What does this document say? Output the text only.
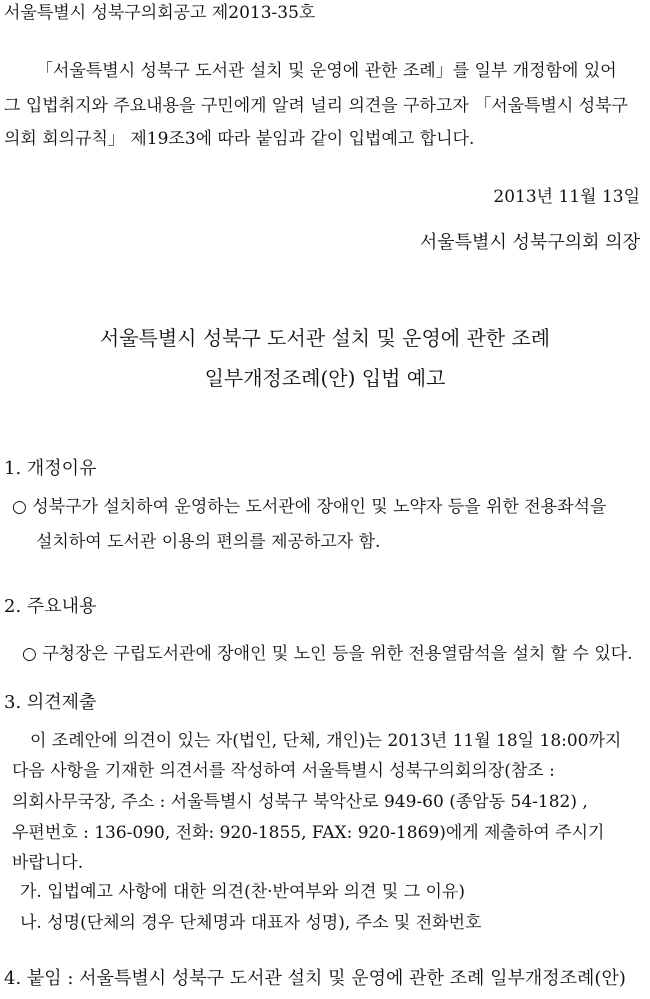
서울특별시 성북구의회공고 제2013-35호
「서울특별시 성북구 도서관 설치 및 운영에 관한 조례」를 일부 개정함에 있어
그 입법취지와 주요내용을 구민에게 알려 널리 의견을 구하고자 「서울특별시 성북구
의회 회의규칙」 제19조3에 따라 붙임과 같이 입법예고 합니다.
2013년 11월 13일
서울특별시 성북구의회 의장
서울특별시 성북구 도서관 설치 및 운영에 관한 조례
일부개정조례(안) 입법 예고
1. 개정이유
○ 성북구가 설치하여 운영하는 도서관에 장애인 및 노약자 등을 위한 전용좌석을
설치하여 도서관 이용의 편의를 제공하고자 함.
2. 주요내용
○ 구청장은 구립도서관에 장애인 및 노인 등을 위한 전용열람석을 설치 할 수 있다.
3. 의견제출
이 조례안에 의견이 있는 자(법인, 단체, 개인)는 2013년 11월 18일 18:00까지
다음 사항을 기재한 의견서를 작성하여 서울특별시 성북구의회의장(참조 :
의회사무국장, 주소 : 서울특별시 성북구 북악산로 949-60 (종암동 54-182) ,
우편번호 : 136-090, 전화: 920-1855, FAX: 920-1869)에게 제출하여 주시기
바랍니다.
가. 입법예고 사항에 대한 의견(찬·반여부와 의견 및 그 이유)
나. 성명(단체의 경우 단체명과 대표자 성명), 주소 및 전화번호
4. 붙임 : 서울특별시 성북구 도서관 설치 및 운영에 관한 조례 일부개정조례(안)
